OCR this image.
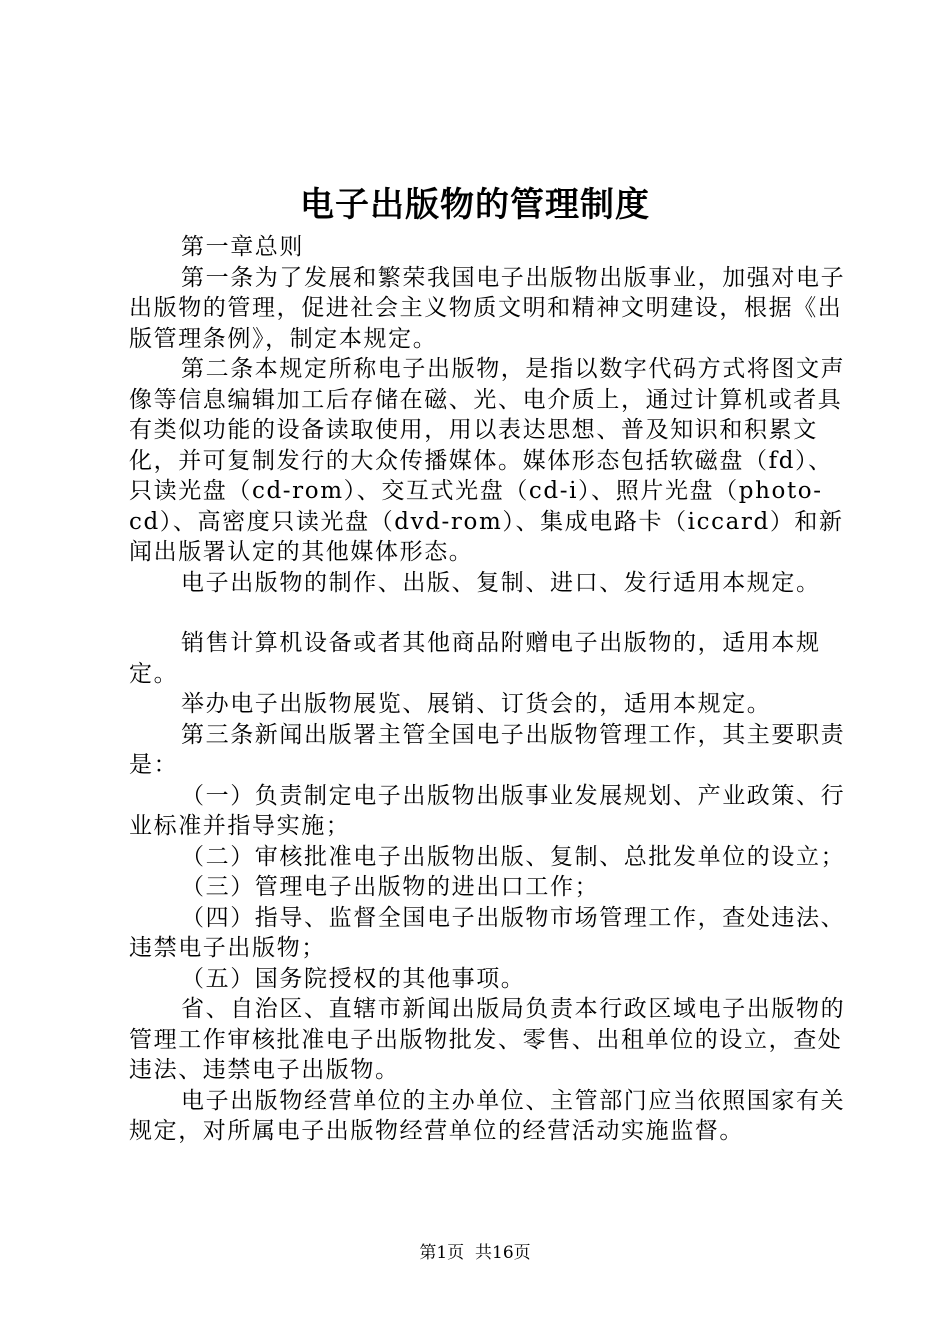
电子出版物的管理制度

第一章总则

第一条为了发展和繁荣我国电子出版物出版事业，加强对电子出版物的管理，促进社会主义物质文明和精神文明建设，根据《出版管理条例》，制定本规定。

第二条本规定所称电子出版物，是指以数字代码方式将图文声像等信息编辑加工后存储在磁、光、电介质上，通过计算机或者具有类似功能的设备读取使用，用以表达思想、普及知识和积累文化，并可复制发行的大众传播媒体。媒体形态包括软磁盘（fd）、只读光盘（cd-rom）、交互式光盘（cd-i）、照片光盘（photo-cd）、高密度只读光盘（dvd-rom）、集成电路卡（iccard）和新闻出版署认定的其他媒体形态。

电子出版物的制作、出版、复制、进口、发行适用本规定。

销售计算机设备或者其他商品附赠电子出版物的，适用本规定。

举办电子出版物展览、展销、订货会的，适用本规定。

第三条新闻出版署主管全国电子出版物管理工作，其主要职责是：

（一）负责制定电子出版物出版事业发展规划、产业政策、行业标准并指导实施；

（二）审核批准电子出版物出版、复制、总批发单位的设立；

（三）管理电子出版物的进出口工作；

（四）指导、监督全国电子出版物市场管理工作，查处违法、违禁电子出版物；

（五）国务院授权的其他事项。

省、自治区、直辖市新闻出版局负责本行政区域电子出版物的管理工作审核批准电子出版物批发、零售、出租单位的设立，查处违法、违禁电子出版物。

电子出版物经营单位的主办单位、主管部门应当依照国家有关规定，对所属电子出版物经营单位的经营活动实施监督。

第1页 共16页
